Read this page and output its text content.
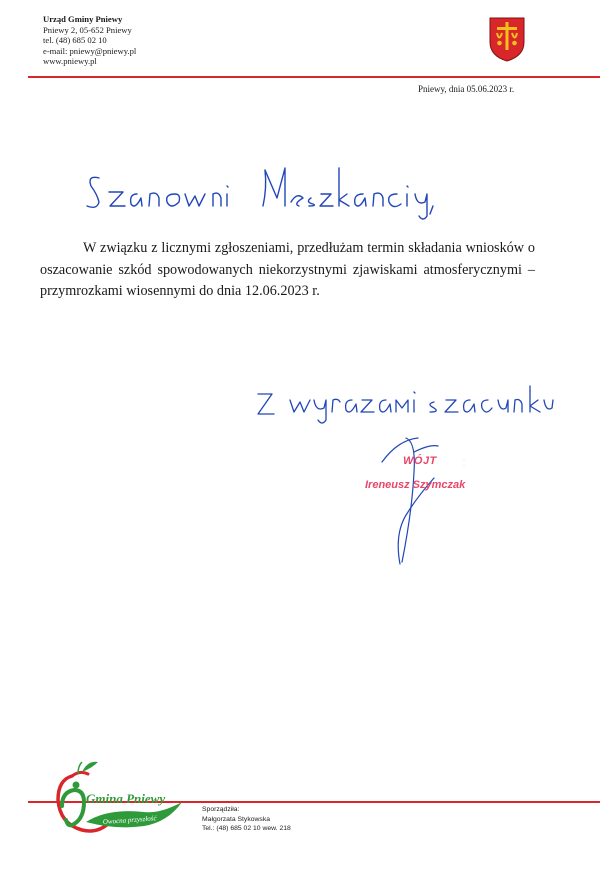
Urząd Gminy Pniewy
Pniewy 2, 05-652 Pniewy
tel. (48) 685 02 10
e-mail: pniewy@pniewy.pl
www.pniewy.pl
Pniewy, dnia 05.06.2023 r.
W związku z licznymi zgłoszeniami, przedłużam termin składania wniosków o oszacowanie szkód spowodowanych niekorzystnymi zjawiskami atmosferycznymi – przymrozkami wiosennymi do dnia 12.06.2023 r.
WÓJT	· ·
Ireneusz Szymczak
Gmina Pniewy
Owocna przyszłość
Sporządziła:
Małgorzata Stykowska
Tel.: (48) 685 02 10 wew. 218
